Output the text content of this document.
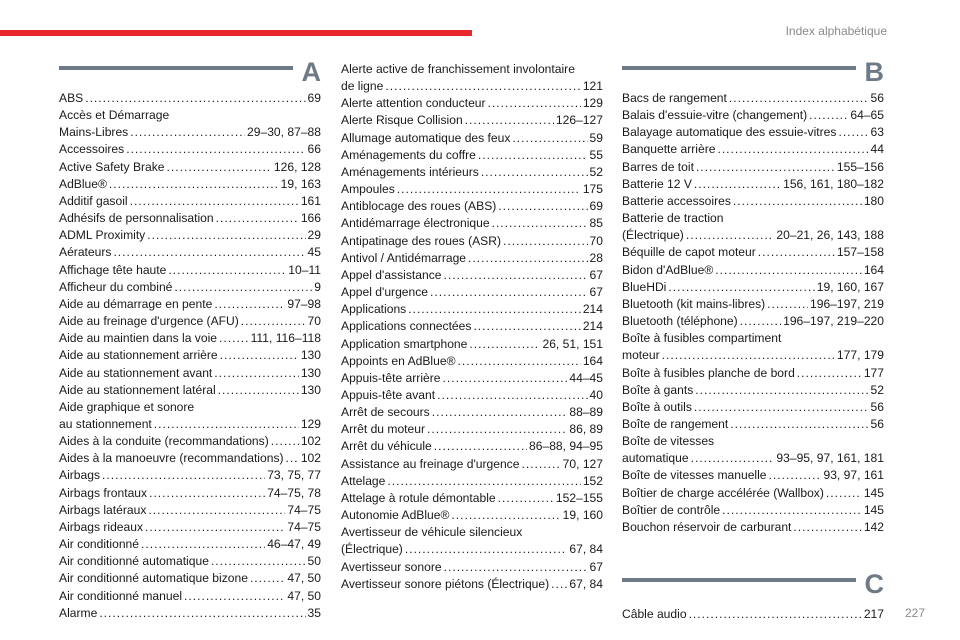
Index alphabétique
A
ABS .....	69
Accès et Démarrage
Mains-Libres .....	29–30, 87–88
Accessoires .....	66
Active Safety Brake .....	126, 128
AdBlue® .....	19, 163
Additif gasoil .....	161
Adhésifs de personnalisation .....	166
ADML Proximity .....	29
Aérateurs .....	45
Affichage tête haute .....	10–11
Afficheur du combiné .....	9
Aide au démarrage en pente .....	97–98
Aide au freinage d'urgence (AFU) .....	70
Aide au maintien dans la voie .....	111, 116–118
Aide au stationnement arrière .....	130
Aide au stationnement avant .....	130
Aide au stationnement latéral .....	130
Aide graphique et sonore
au stationnement .....	129
Aides à la conduite (recommandations) .....	102
Aides à la manoeuvre (recommandations) ..... 102
Airbags .....	73, 75, 77
Airbags frontaux .....	74–75, 78
Airbags latéraux .....	74–75
Airbags rideaux .....	74–75
Air conditionné .....	46–47, 49
Air conditionné automatique .....	50
Air conditionné automatique bizone .....	47, 50
Air conditionné manuel .....	47, 50
Alarme .....	35
Alerte active de franchissement involontaire
de ligne .....	121
Alerte attention conducteur .....	129
Alerte Risque Collision .....	126–127
Allumage automatique des feux .....	59
Aménagements du coffre .....	55
Aménagements intérieurs .....	52
Ampoules .....	175
Antiblocage des roues (ABS) .....	69
Antidémarrage électronique .....	85
Antipatinage des roues (ASR) .....	70
Antivol / Antidémarrage .....	28
Appel d'assistance .....	67
Appel d'urgence .....	67
Applications .....	214
Applications connectées .....	214
Application smartphone .....	26, 51, 151
Appoints en AdBlue® .....	164
Appuis-tête arrière .....	44–45
Appuis-tête avant .....	40
Arrêt de secours .....	88–89
Arrêt du moteur .....	86, 89
Arrêt du véhicule .....	86–88, 94–95
Assistance au freinage d'urgence .....	70, 127
Attelage .....	152
Attelage à rotule démontable .....	152–155
Autonomie AdBlue® .....	19, 160
Avertisseur de véhicule silencieux
(Électrique) .....	67, 84
Avertisseur sonore .....	67
Avertisseur sonore piétons (Électrique) ..... 67, 84
B
Bacs de rangement .....	56
Balais d'essuie-vitre (changement) .....	64–65
Balayage automatique des essuie-vitres .....	63
Banquette arrière .....	44
Barres de toit .....	155–156
Batterie 12 V .....	156, 161, 180–182
Batterie accessoires .....	180
Batterie de traction
(Électrique) .....	20–21, 26, 143, 188
Béquille de capot moteur .....	157–158
Bidon d'AdBlue® .....	164
BlueHDi .....	19, 160, 167
Bluetooth (kit mains-libres) .....	196–197, 219
Bluetooth (téléphone) .....	196–197, 219–220
Boîte à fusibles compartiment
moteur .....	177, 179
Boîte à fusibles planche de bord .....	177
Boîte à gants .....	52
Boîte à outils .....	56
Boîte de rangement .....	56
Boîte de vitesses
automatique .....	93–95, 97, 161, 181
Boîte de vitesses manuelle .....	93, 97, 161
Boîtier de charge accélérée (Wallbox) .....	145
Boîtier de contrôle .....	145
Bouchon réservoir de carburant .....	142
C
Câble audio .....	217 227
